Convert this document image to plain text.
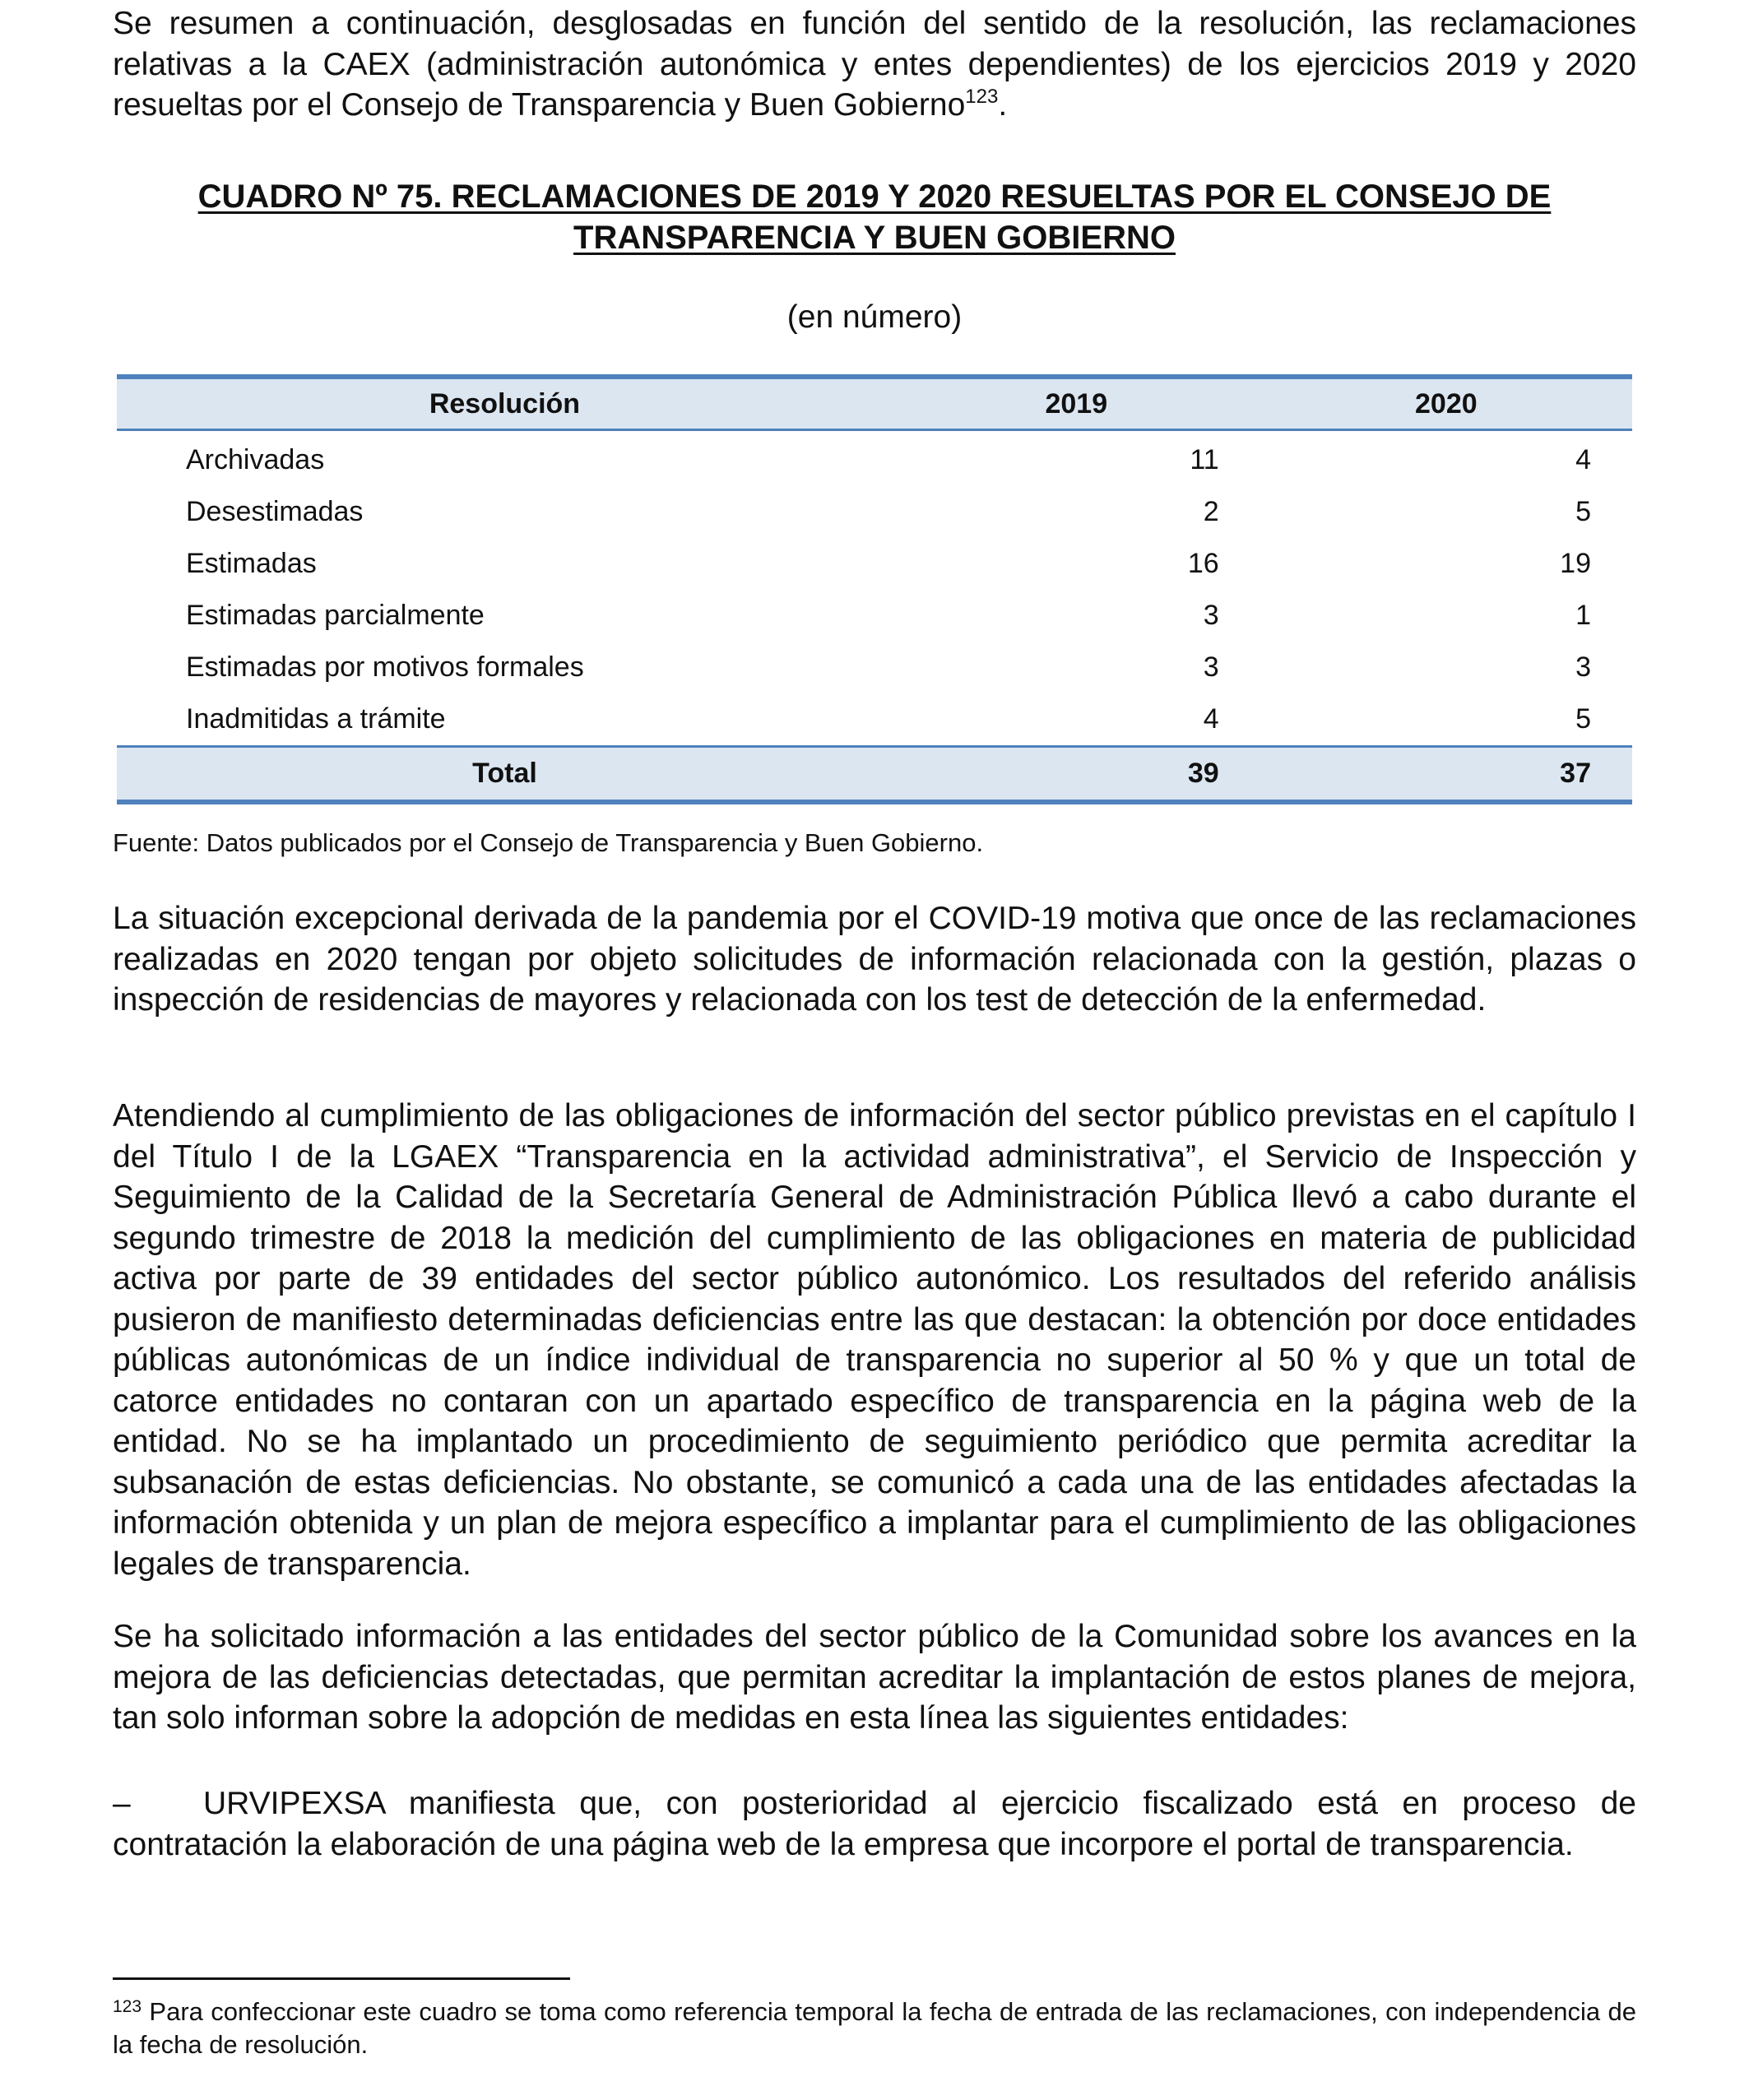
Se resumen a continuación, desglosadas en función del sentido de la resolución, las reclamaciones relativas a la CAEX (administración autonómica y entes dependientes) de los ejercicios 2019 y 2020 resueltas por el Consejo de Transparencia y Buen Gobierno$^{123}$.

CUADRO Nº 75. RECLAMACIONES DE 2019 Y 2020 RESUELTAS POR EL CONSEJO DE
TRANSPARENCIA Y BUEN GOBIERNO

(en número)

Resolución	2019	2020
Archivadas	11	4
Desestimadas	2	5
Estimadas	16	19
Estimadas parcialmente	3	1
Estimadas por motivos formales	3	3
Inadmitidas a trámite	4	5
Total	39	37

Fuente: Datos publicados por el Consejo de Transparencia y Buen Gobierno.

La situación excepcional derivada de la pandemia por el COVID-19 motiva que once de las reclamaciones realizadas en 2020 tengan por objeto solicitudes de información relacionada con la gestión, plazas o inspección de residencias de mayores y relacionada con los test de detección de la enfermedad.

Atendiendo al cumplimiento de las obligaciones de información del sector público previstas en el capítulo I del Título I de la LGAEX “Transparencia en la actividad administrativa”, el Servicio de Inspección y Seguimiento de la Calidad de la Secretaría General de Administración Pública llevó a cabo durante el segundo trimestre de 2018 la medición del cumplimiento de las obligaciones en materia de publicidad activa por parte de 39 entidades del sector público autonómico. Los resultados del referido análisis pusieron de manifiesto determinadas deficiencias entre las que destacan: la obtención por doce entidades públicas autonómicas de un índice individual de transparencia no superior al 50 % y que un total de catorce entidades no contaran con un apartado específico de transparencia en la página web de la entidad. No se ha implantado un procedimiento de seguimiento periódico que permita acreditar la subsanación de estas deficiencias. No obstante, se comunicó a cada una de las entidades afectadas la información obtenida y un plan de mejora específico a implantar para el cumplimiento de las obligaciones legales de transparencia.

Se ha solicitado información a las entidades del sector público de la Comunidad sobre los avances en la mejora de las deficiencias detectadas, que permitan acreditar la implantación de estos planes de mejora, tan solo informan sobre la adopción de medidas en esta línea las siguientes entidades:

–	URVIPEXSA manifiesta que, con posterioridad al ejercicio fiscalizado está en proceso de contratación la elaboración de una página web de la empresa que incorpore el portal de transparencia.

$^{123}$ Para confeccionar este cuadro se toma como referencia temporal la fecha de entrada de las reclamaciones, con independencia de la fecha de resolución.
